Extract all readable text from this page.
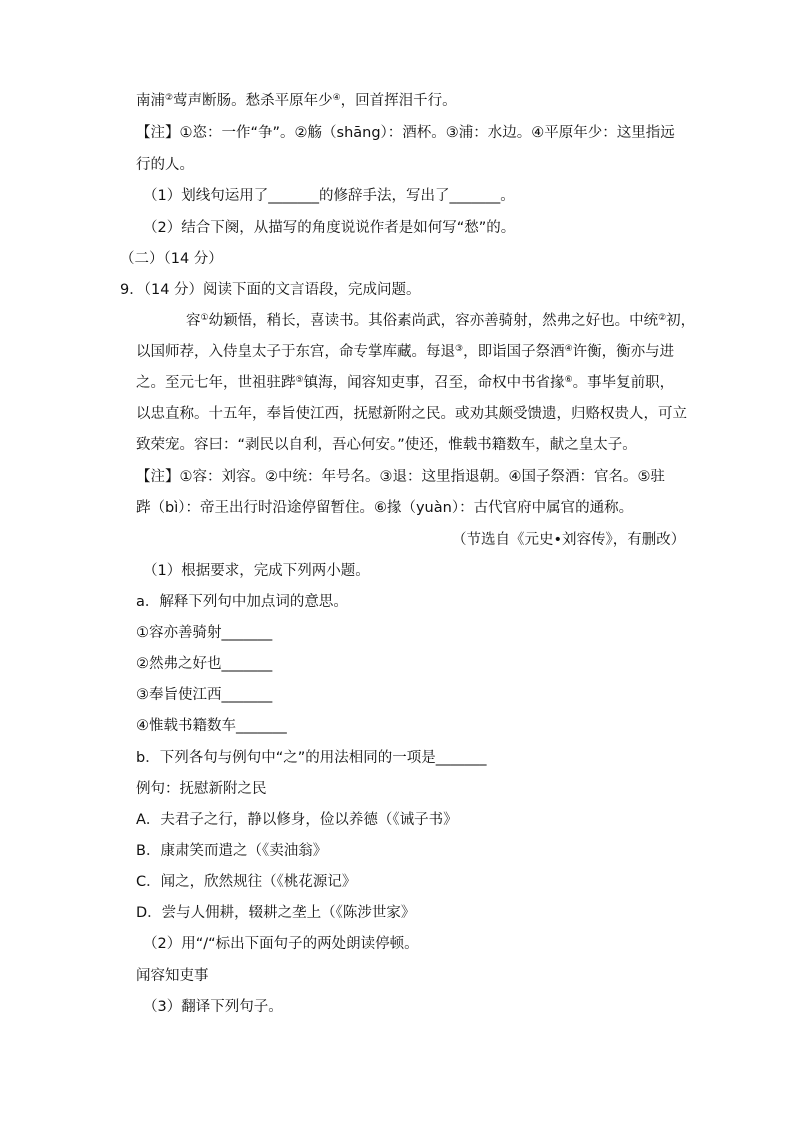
南浦②莺声断肠。愁杀平原年少④，回首挥泪千行。
【注】①恣：一作“争”。②觞（shāng）：酒杯。③浦：水边。④平原年少：这里指远
行的人。
（1）划线句运用了_______的修辞手法，写出了_______。
（2）结合下阕，从描写的角度说说作者是如何写“愁”的。
（二）（14 分）
9．（14 分）阅读下面的文言语段，完成问题。
容①幼颖悟，稍长，喜读书。其俗素尚武，容亦善骑射，然弗之好也。中统②初，
以国师荐，入侍皇太子于东宫，命专掌库藏。每退③，即诣国子祭酒④许衡，衡亦与进
之。至元七年，世祖驻跸⑤镇海，闻容知吏事，召至，命权中书省掾⑥。事毕复前职，
以忠直称。十五年，奉旨使江西，抚慰新附之民。或劝其颇受馈遗，归赂权贵人，可立
致荣宠。容曰：“剥民以自利，吾心何安。”使还，惟载书籍数车，献之皇太子。
【注】①容：刘容。②中统：年号名。③退：这里指退朝。④国子祭酒：官名。⑤驻
跸（bì）：帝王出行时沿途停留暂住。⑥掾（yuàn）：古代官府中属官的通称。
（节选自《元史•刘容传》，有删改）
（1）根据要求，完成下列两小题。
a．解释下列句中加点词的意思。
①容亦善骑射_______
②然弗之好也_______
③奉旨使江西_______
④惟载书籍数车_______
b．下列各句与例句中“之”的用法相同的一项是_______
例句：抚慰新附之民
A．夫君子之行，静以修身，俭以养德（《诫子书》
B．康肃笑而遣之（《卖油翁》
C．闻之，欣然规往（《桃花源记》
D．尝与人佣耕，辍耕之垄上（《陈涉世家》
（2）用“/“标出下面句子的两处朗读停顿。
闻容知吏事
（3）翻译下列句子。
